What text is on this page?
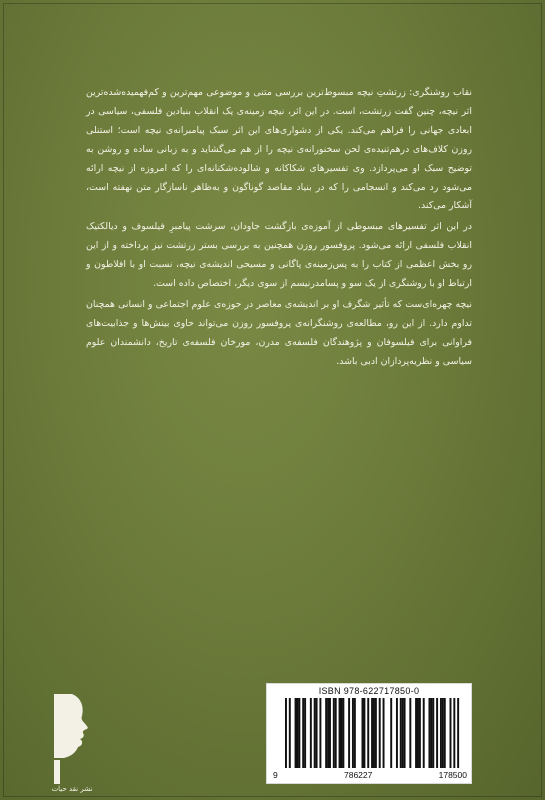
نقاب روشنگری: زرتشتِ نیچه مبسوط‌ترین بررسی متنی و موضوعی مهم‌ترین و کم‌فهمیده‌شده‌ترین اثر نیچه، چنین گفت زرتشت، است. در این اثر، نیچه زمینه‌ی یک انقلاب بنیادین فلسفی، سیاسی در ابعادی جهانی را فراهم می‌کند. یکی از دشواری‌های این اثر سبک پیامبرانه‌ی نیچه است؛ استنلی روزن کلاف‌های درهم‌تنیده‌ی لحن سخنورانه‌ی نیچه را از هم می‌گشاید و به زبانی ساده و روشن به توضیح سبک او می‌پردازد. وی تفسیرهای شکاکانه و شالوده‌شکنانه‌ای را که امروزه از نیچه ارائه می‌شود رد می‌کند و انسجامی را که در بنیاد مقاصد گوناگون و به‌ظاهر ناسازگار متن نهفته است، آشکار می‌کند.

در این اثر تفسیرهای مبسوطی از آموزه‌ی بازگشت جاودان، سرشت پیامبرِ فیلسوف و دیالکتیک انقلاب فلسفی ارائه می‌شود. پروفسور روزن همچنین به بررسی بستر زرتشت نیز پرداخته و از این رو بخش اعظمی از کتاب را به پس‌زمینه‌ی پاگانی و مسیحی اندیشه‌ی نیچه، نسبت او با افلاطون و ارتباط او با روشنگری از یک سو و پسامدرنیسم از سوی دیگر، اختصاص داده است.

نیچه چهره‌ای‌ست که تأثیر شگرف او بر اندیشه‌ی معاصر در حوزه‌ی علوم اجتماعی و انسانی همچنان تداوم دارد. از این رو، مطالعه‌ی روشنگرانه‌ی پروفسور روزن می‌تواند حاوی بینش‌ها و جذابیت‌های فراوانی برای فیلسوفان و پژوهندگان فلسفه‌ی مدرن، مورخان فلسفه‌ی تاریخ، دانشمندان علوم سیاسی و نظریه‌پردازان ادبی باشد.

نشر نقد حیات
ISBN 978-622717850-0
9	786227	178500
